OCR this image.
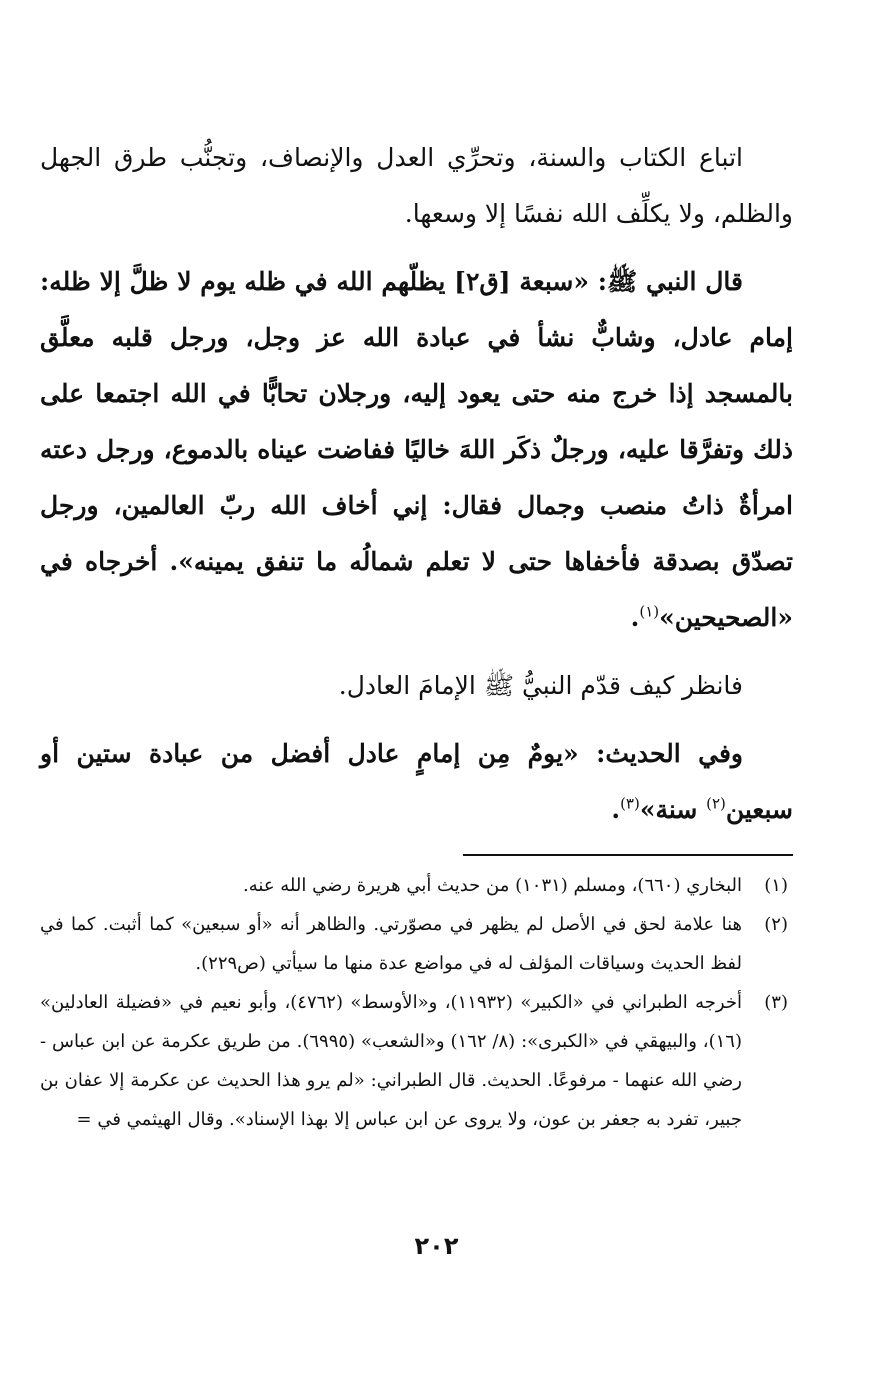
اتباع الكتاب والسنة، وتحرِّي العدل والإنصاف، وتجنُّب طرق الجهل والظلم، ولا يكلِّف الله نفسًا إلا وسعها.

قال النبي ﷺ: «سبعة [ق٢] يظلّهم الله في ظله يوم لا ظلَّ إلا ظله: إمام عادل، وشابٌّ نشأ في عبادة الله عز وجل، ورجل قلبه معلَّق بالمسجد إذا خرج منه حتى يعود إليه، ورجلان تحابًّا في الله اجتمعا على ذلك وتفرَّقا عليه، ورجلٌ ذكَر اللهَ خاليًا ففاضت عيناه بالدموع، ورجل دعته امرأةٌ ذاتُ منصب وجمال فقال: إني أخاف الله ربّ العالمين، ورجل تصدّق بصدقة فأخفاها حتى لا تعلم شمالُه ما تنفق يمينه». أخرجاه في «الصحيحين»$^{(١)}$.

فانظر كيف قدّم النبيُّ ﷺ الإمامَ العادل.

وفي الحديث: «يومٌ مِن إمامٍ عادل أفضل من عبادة ستين أو سبعين$^{(٢)}$ سنة»$^{(٣)}$.

(١)
البخاري (٦٦٠)، ومسلم (١٠٣١) من حديث أبي هريرة رضي الله عنه.
(٢)
هنا علامة لحق في الأصل لم يظهر في مصوّرتي. والظاهر أنه «أو سبعين» كما أثبت. كما في لفظ الحديث وسياقات المؤلف له في مواضع عدة منها ما سيأتي (ص٢٢٩).
(٣)
أخرجه الطبراني في «الكبير» (١١٩٣٢)، و«الأوسط» (٤٧٦٢)، وأبو نعيم في «فضيلة العادلين» (١٦)، والبيهقي في «الكبرى»: (٨/ ١٦٢) و«الشعب» (٦٩٩٥). من طريق عكرمة عن ابن عباس - رضي الله عنهما - مرفوعًا. الحديث. قال الطبراني: «لم يرو هذا الحديث عن عكرمة إلا عفان بن جبير، تفرد به جعفر بن عون، ولا يروى عن ابن عباس إلا بهذا الإسناد». وقال الهيثمي في =
٢٠٢
